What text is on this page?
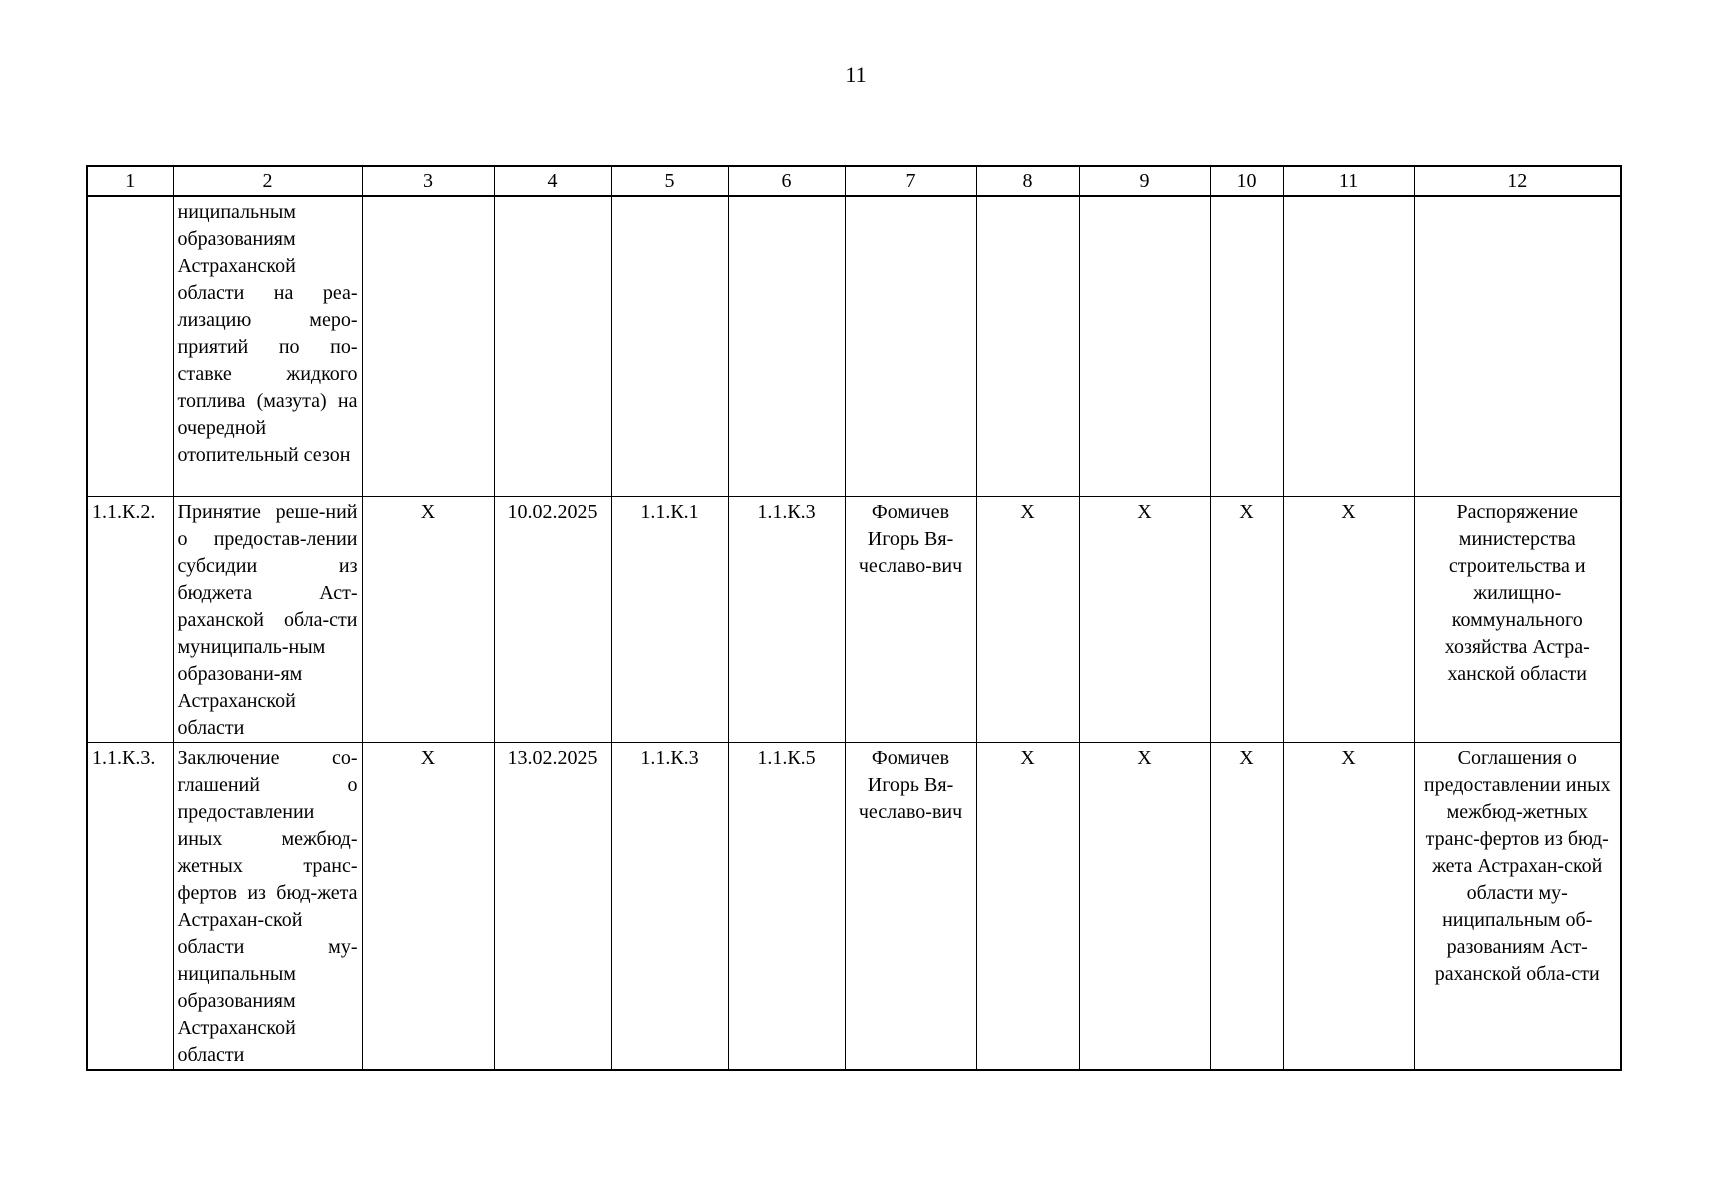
11
1	2	3	4	5	6	7	8	9	10	11	12
	ниципальным образованиям Астраханской области на реа-лизацию меро-приятий по по-ставке жидкого топлива (мазута) на очередной отопительный сезон										
1.1.К.2.	Принятие реше-ний о предостав-лении субсидии из бюджета Аст-раханской обла-сти муниципаль-ным образовани-ям Астраханской области	X	10.02.2025	1.1.К.1	1.1.К.3	Фомичев Игорь Вя-чеславо-вич	X	X	X	X	Распоряжение министерства строительства и жилищно-коммунального хозяйства Астра-ханской области
1.1.К.3.	Заключение со-глашений о предоставлении иных межбюд-жетных транс-фертов из бюд-жета Астрахан-ской области му-ниципальным образованиям Астраханской области	X	13.02.2025	1.1.К.3	1.1.К.5	Фомичев Игорь Вя-чеславо-вич	X	X	X	X	Соглашения о предоставлении иных межбюд-жетных транс-фертов из бюд-жета Астрахан-ской области му-ниципальным об-разованиям Аст-раханской обла-сти
